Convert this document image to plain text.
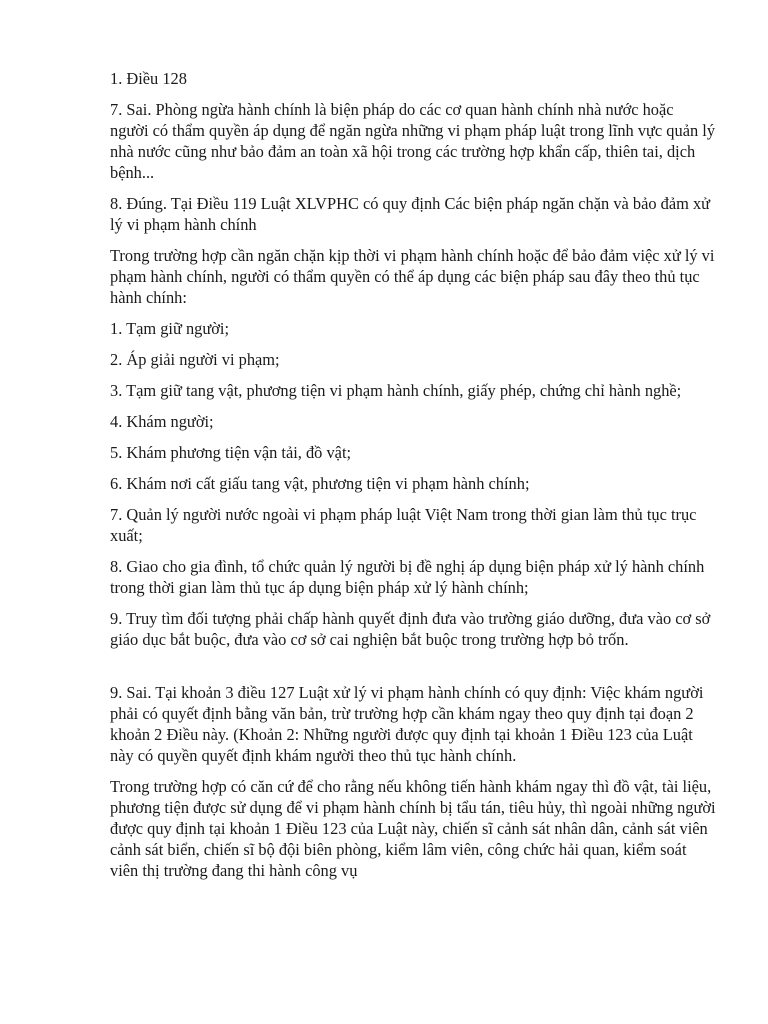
1. Điều 128

7. Sai. Phòng ngừa hành chính là biện pháp do các cơ quan hành chính nhà nước hoặc người có thẩm quyền áp dụng để ngăn ngừa những vi phạm pháp luật trong lĩnh vực quản lý nhà nước cũng như bảo đảm an toàn xã hội trong các trường hợp khẩn cấp, thiên tai, dịch bệnh...

8. Đúng. Tại Điều 119 Luật XLVPHC có quy định Các biện pháp ngăn chặn và bảo đảm xử lý vi phạm hành chính

Trong trường hợp cần ngăn chặn kịp thời vi phạm hành chính hoặc để bảo đảm việc xử lý vi phạm hành chính, người có thẩm quyền có thể áp dụng các biện pháp sau đây theo thủ tục hành chính:

1. Tạm giữ người;

2. Áp giải người vi phạm;

3. Tạm giữ tang vật, phương tiện vi phạm hành chính, giấy phép, chứng chỉ hành nghề;

4. Khám người;

5. Khám phương tiện vận tải, đồ vật;

6. Khám nơi cất giấu tang vật, phương tiện vi phạm hành chính;

7. Quản lý người nước ngoài vi phạm pháp luật Việt Nam trong thời gian làm thủ tục trục xuất;

8. Giao cho gia đình, tổ chức quản lý người bị đề nghị áp dụng biện pháp xử lý hành chính trong thời gian làm thủ tục áp dụng biện pháp xử lý hành chính;

9. Truy tìm đối tượng phải chấp hành quyết định đưa vào trường giáo dưỡng, đưa vào cơ sở giáo dục bắt buộc, đưa vào cơ sở cai nghiện bắt buộc trong trường hợp bỏ trốn.

9. Sai. Tại khoản 3 điều 127 Luật xử lý vi phạm hành chính có quy định: Việc khám người phải có quyết định bằng văn bản, trừ trường hợp cần khám ngay theo quy định tại đoạn 2 khoản 2 Điều này. (Khoản 2: Những người được quy định tại khoản 1 Điều 123 của Luật này có quyền quyết định khám người theo thủ tục hành chính.

Trong trường hợp có căn cứ để cho rằng nếu không tiến hành khám ngay thì đồ vật, tài liệu, phương tiện được sử dụng để vi phạm hành chính bị tẩu tán, tiêu hủy, thì ngoài những người được quy định tại khoản 1 Điều 123 của Luật này, chiến sĩ cảnh sát nhân dân, cảnh sát viên cảnh sát biển, chiến sĩ bộ đội biên phòng, kiểm lâm viên, công chức hải quan, kiểm soát viên thị trường đang thi hành công vụ
